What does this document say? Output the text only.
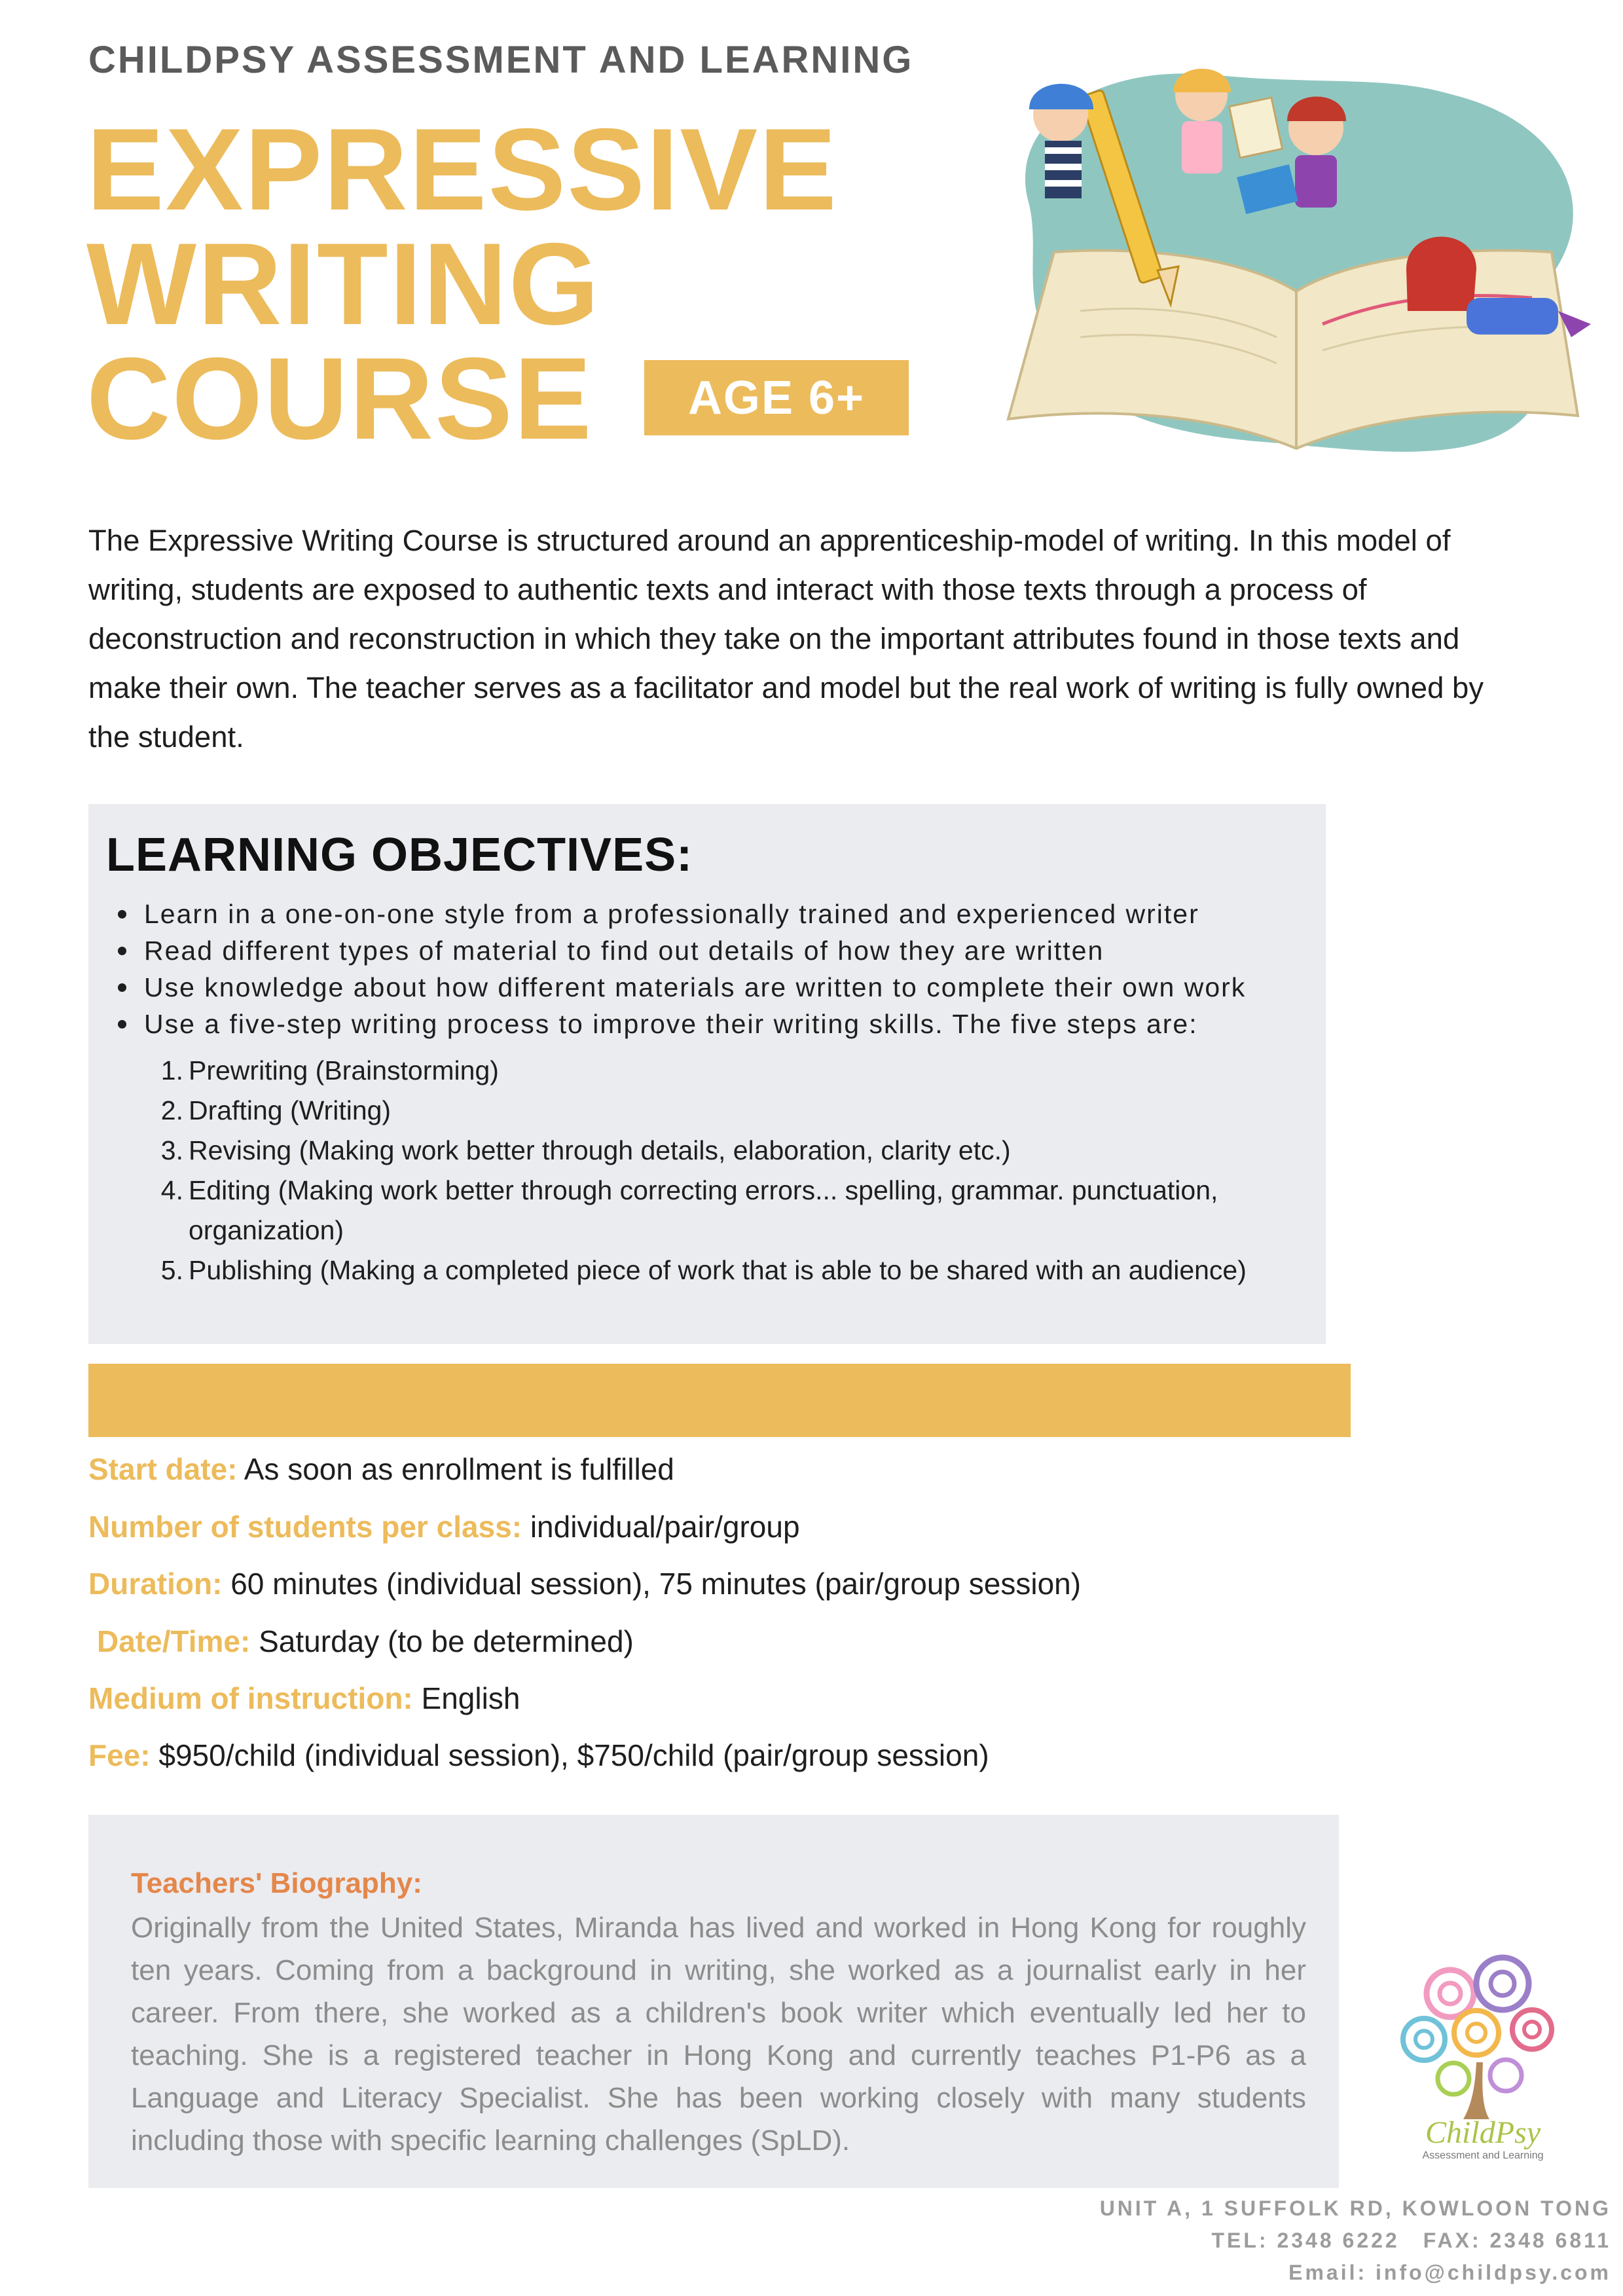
CHILDPSY ASSESSMENT AND LEARNING
EXPRESSIVE
WRITING
COURSE	AGE 6+
The Expressive Writing Course is structured around an apprenticeship-model of writing. In this model of writing, students are exposed to authentic texts and interact with those texts through a process of deconstruction and reconstruction in which they take on the important attributes found in those texts and make their own. The teacher serves as a facilitator and model but the real work of writing is fully owned by the student.
LEARNING OBJECTIVES:
Learn in a one-on-one style from a professionally trained and experienced writer
Read different types of material to find out details of how they are written
Use knowledge about how different materials are written to complete their own work
Use a five-step writing process to improve their writing skills. The five steps are:
1. Prewriting (Brainstorming)
2. Drafting (Writing)
3. Revising (Making work better through details, elaboration, clarity etc.)
4. Editing (Making work better through correcting errors... spelling, grammar. punctuation, organization)
5. Publishing (Making a completed piece of work that is able to be shared with an audience)
Start date: As soon as enrollment is fulfilled
Number of students per class: individual/pair/group
Duration: 60 minutes (individual session), 75 minutes (pair/group session)
Date/Time: Saturday (to be determined)
Medium of instruction: English
Fee: $950/child (individual session), $750/child (pair/group session)
Teachers' Biography:
Originally from the United States, Miranda has lived and worked in Hong Kong for roughly ten years. Coming from a background in writing, she worked as a journalist early in her career. From there, she worked as a children's book writer which eventually led her to teaching. She is a registered teacher in Hong Kong and currently teaches P1-P6 as a Language and Literacy Specialist. She has been working closely with many students including those with specific learning challenges (SpLD).	ChildPsy
Assessment and Learning
UNIT A, 1 SUFFOLK RD, KOWLOON TONG
TEL: 2348 6222 FAX: 2348 6811
Email: info@childpsy.com
